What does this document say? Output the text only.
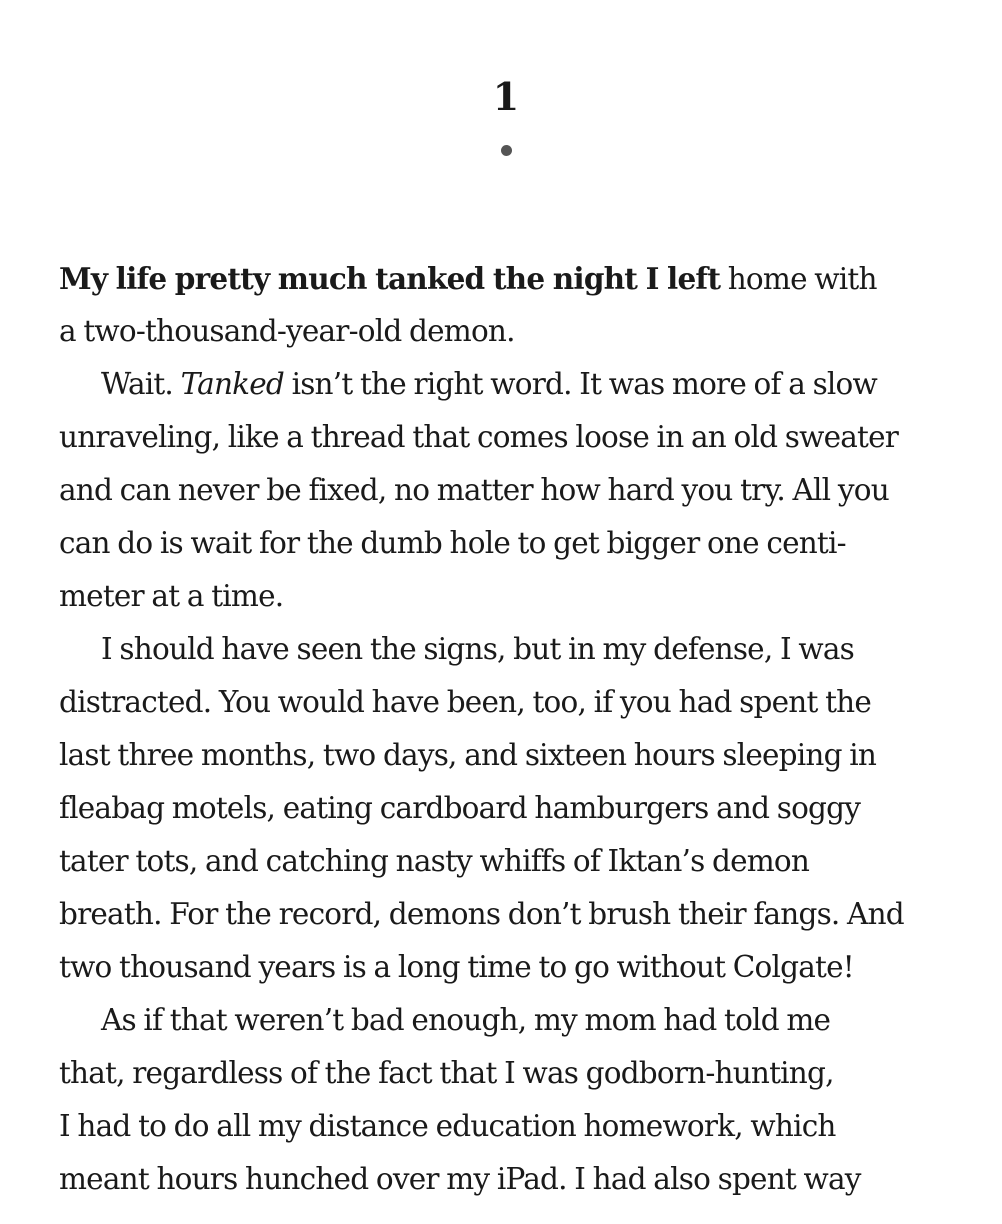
1
My life pretty much tanked the night I left home with
a two-thousand-year-old demon.
Wait. Tanked isn’t the right word. It was more of a slow
unraveling, like a thread that comes loose in an old sweater
and can never be fixed, no matter how hard you try. All you
can do is wait for the dumb hole to get bigger one centi-
meter at a time.
I should have seen the signs, but in my defense, I was
distracted. You would have been, too, if you had spent the
last three months, two days, and sixteen hours sleeping in
fleabag motels, eating cardboard hamburgers and soggy
tater tots, and catching nasty whiffs of Iktan’s demon
breath. For the record, demons don’t brush their fangs. And
two thousand years is a long time to go without Colgate!
As if that weren’t bad enough, my mom had told me
that, regardless of the fact that I was godborn-hunting,
I had to do all my distance education homework, which
meant hours hunched over my iPad. I had also spent way
